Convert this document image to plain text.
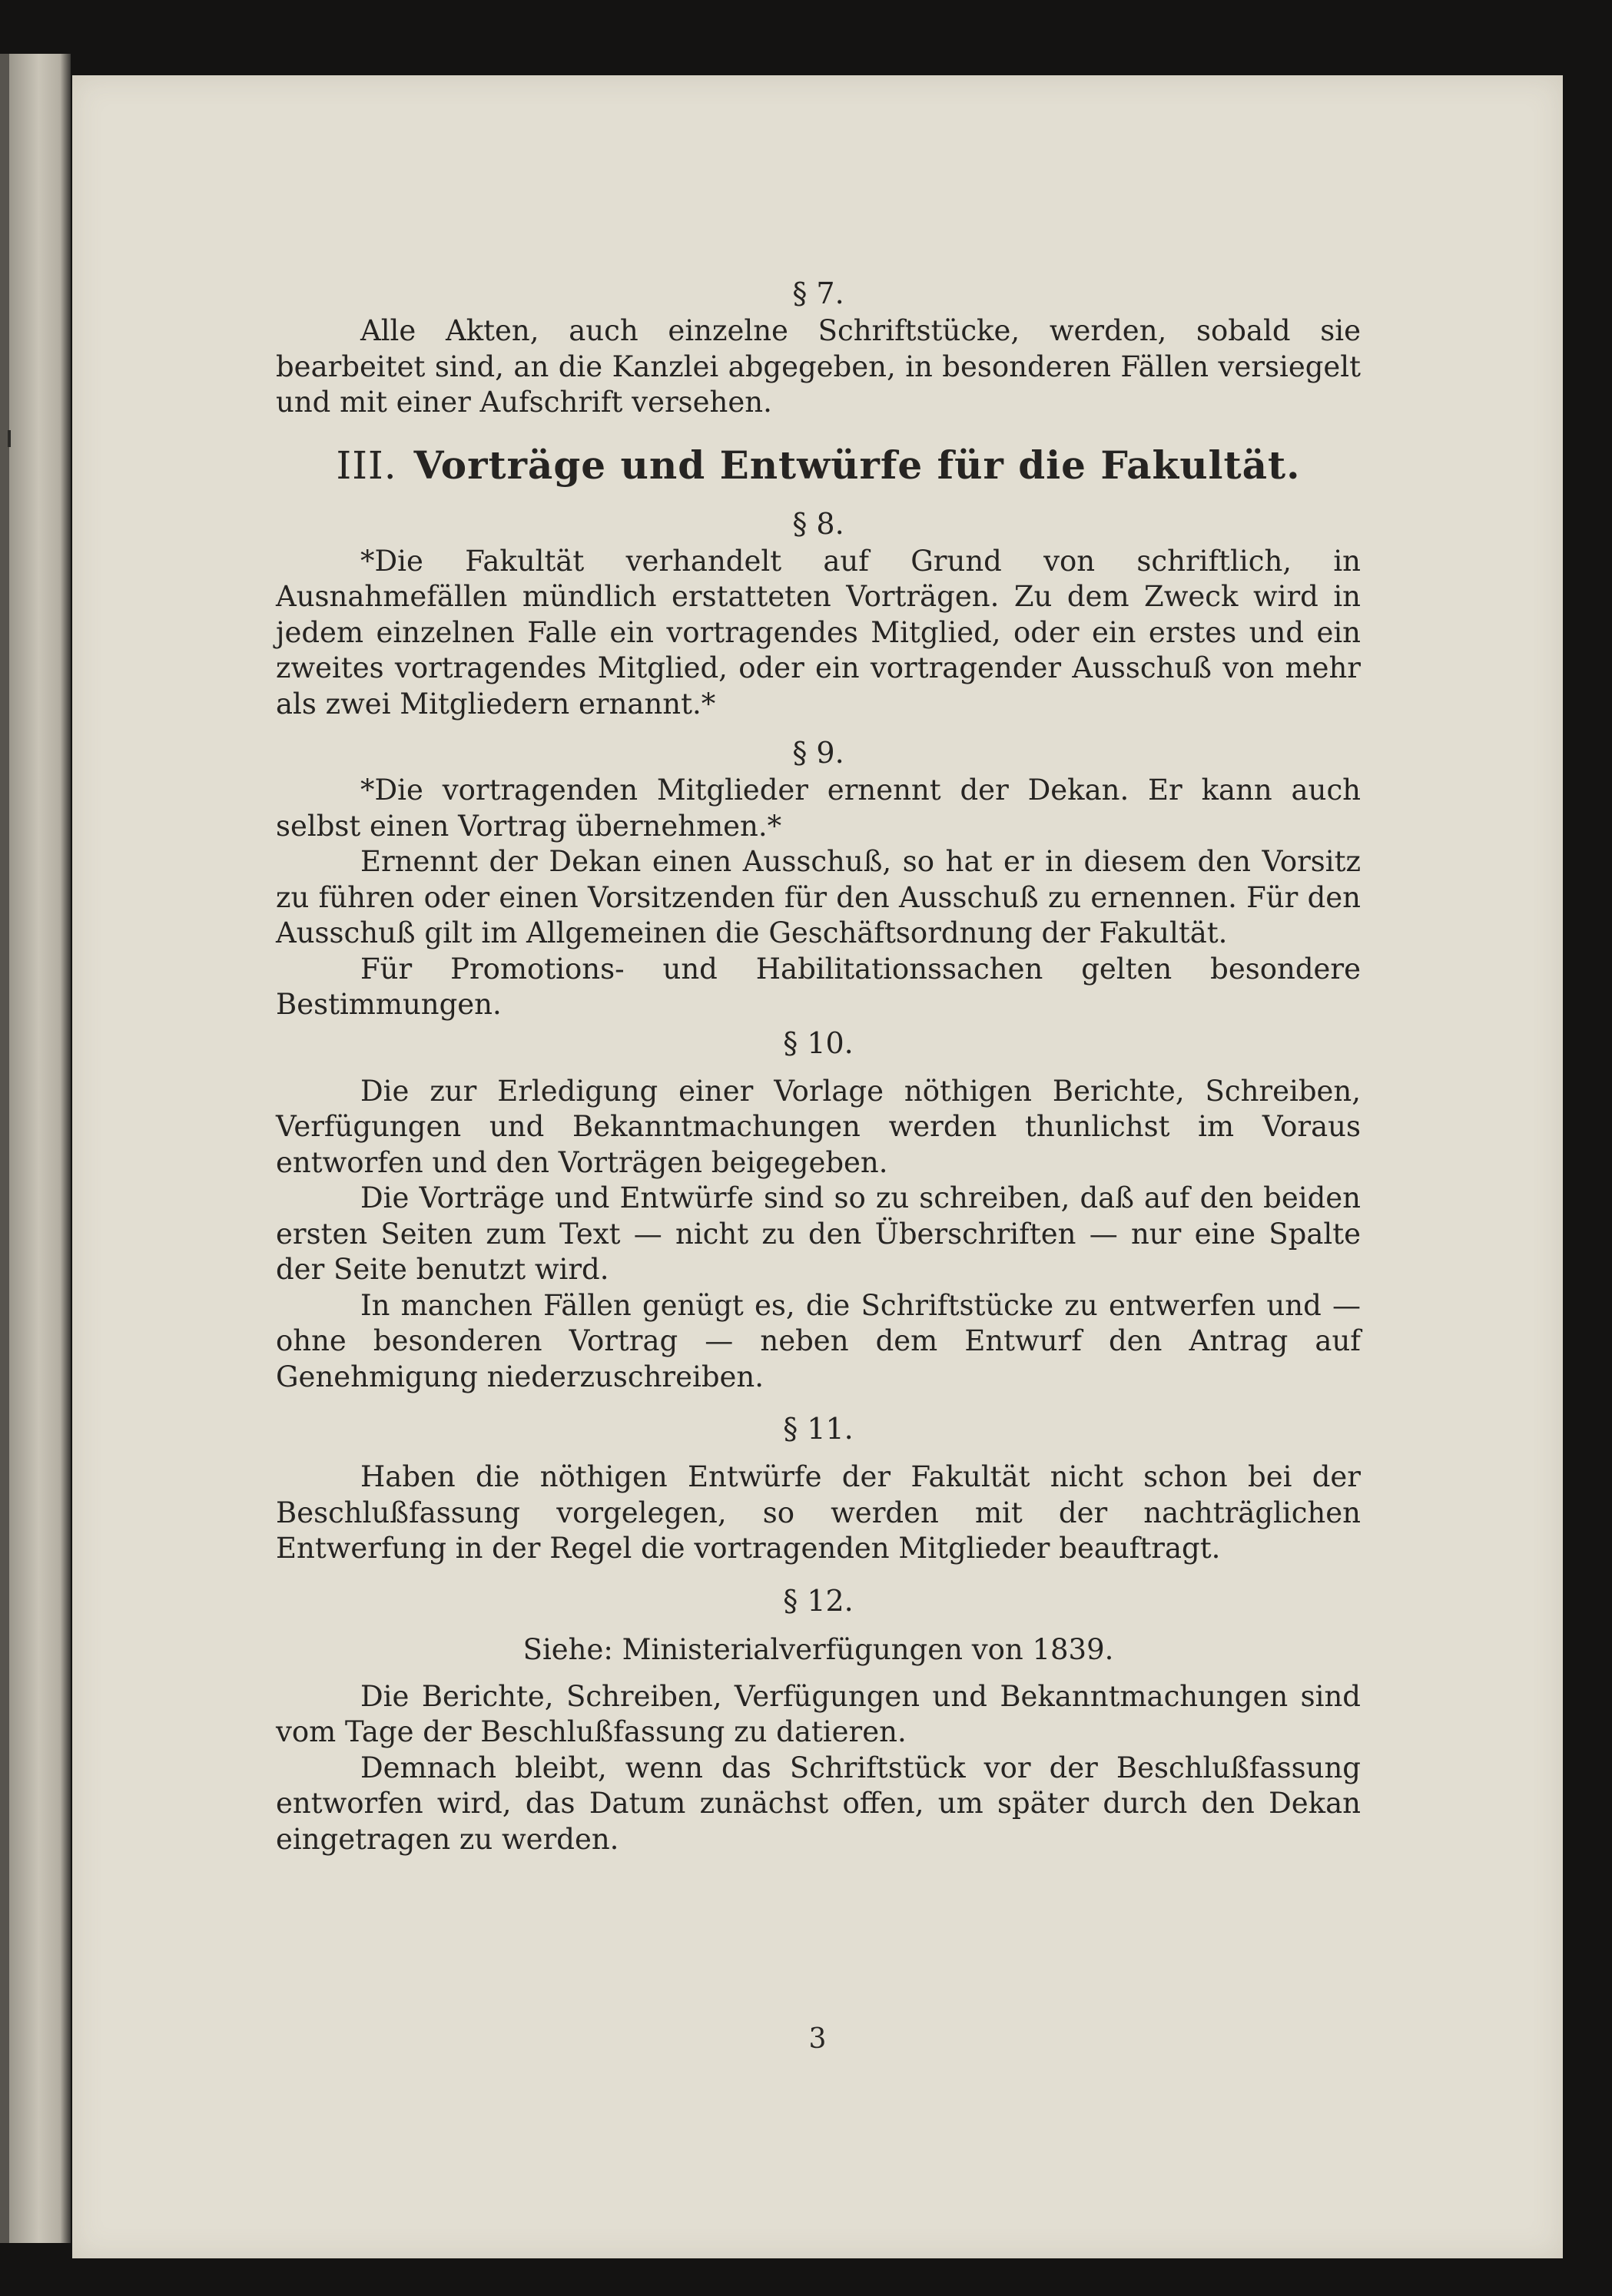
§ 7.

Alle Akten, auch einzelne Schriftstücke, werden, sobald sie bearbeitet sind, an die Kanzlei abgegeben, in besonderen Fällen versiegelt und mit einer Aufschrift versehen.

III. Vorträge und Entwürfe für die Fakultät.
§ 8.

*Die Fakultät verhandelt auf Grund von schriftlich, in Ausnahmefällen mündlich erstatteten Vorträgen. Zu dem Zweck wird in jedem einzelnen Falle ein vortragendes Mitglied, oder ein erstes und ein zweites vortragendes Mitglied, oder ein vortragender Ausschuß von mehr als zwei Mitgliedern ernannt.*

§ 9.

*Die vortragenden Mitglieder ernennt der Dekan. Er kann auch selbst einen Vortrag übernehmen.*

Ernennt der Dekan einen Ausschuß, so hat er in diesem den Vorsitz zu führen oder einen Vorsitzenden für den Ausschuß zu ernennen. Für den Ausschuß gilt im Allgemeinen die Geschäftsordnung der Fakultät.

Für Promotions- und Habilitationssachen gelten besondere Bestimmungen.

§ 10.

Die zur Erledigung einer Vorlage nöthigen Berichte, Schreiben, Verfügungen und Bekanntmachungen werden thunlichst im Voraus entworfen und den Vorträgen beigegeben.

Die Vorträge und Entwürfe sind so zu schreiben, daß auf den beiden ersten Seiten zum Text — nicht zu den Überschriften — nur eine Spalte der Seite benutzt wird.

In manchen Fällen genügt es, die Schriftstücke zu entwerfen und — ohne besonderen Vortrag — neben dem Entwurf den Antrag auf Genehmigung niederzuschreiben.

§ 11.

Haben die nöthigen Entwürfe der Fakultät nicht schon bei der Beschlußfassung vorgelegen, so werden mit der nachträglichen Entwerfung in der Regel die vortragenden Mitglieder beauftragt.

§ 12.
Siehe: Ministerialverfügungen von 1839.

Die Berichte, Schreiben, Verfügungen und Bekanntmachungen sind vom Tage der Beschlußfassung zu datieren.

Demnach bleibt, wenn das Schriftstück vor der Beschlußfassung entworfen wird, das Datum zunächst offen, um später durch den Dekan eingetragen zu werden.

3
